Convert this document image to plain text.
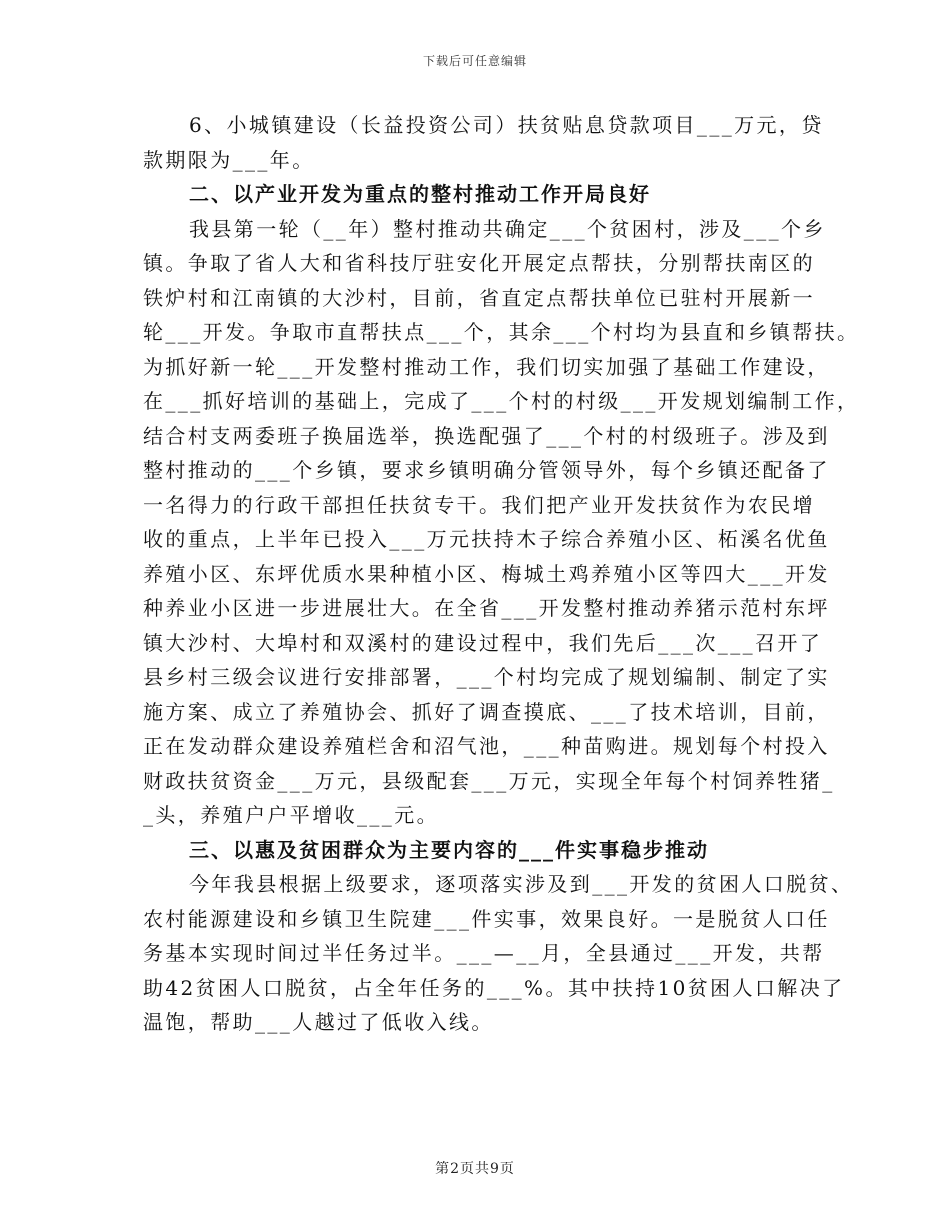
下载后可任意编辑
6、小城镇建设（长益投资公司）扶贫贴息贷款项目___万元，贷
款期限为___年。
二、以产业开发为重点的整村推动工作开局良好
我县第一轮（__年）整村推动共确定___个贫困村，涉及___个乡
镇。争取了省人大和省科技厅驻安化开展定点帮扶，分别帮扶南区的
铁炉村和江南镇的大沙村，目前，省直定点帮扶单位已驻村开展新一
轮___开发。争取市直帮扶点___个，其余___个村均为县直和乡镇帮扶。
为抓好新一轮___开发整村推动工作，我们切实加强了基础工作建设，
在___抓好培训的基础上，完成了___个村的村级___开发规划编制工作，
结合村支两委班子换届选举，换选配强了___个村的村级班子。涉及到
整村推动的___个乡镇，要求乡镇明确分管领导外，每个乡镇还配备了
一名得力的行政干部担任扶贫专干。我们把产业开发扶贫作为农民增
收的重点，上半年已投入___万元扶持木子综合养殖小区、柘溪名优鱼
养殖小区、东坪优质水果种植小区、梅城土鸡养殖小区等四大___开发
种养业小区进一步进展壮大。在全省___开发整村推动养猪示范村东坪
镇大沙村、大埠村和双溪村的建设过程中，我们先后___次___召开了
县乡村三级会议进行安排部署，___个村均完成了规划编制、制定了实
施方案、成立了养殖协会、抓好了调查摸底、___了技术培训，目前，
正在发动群众建设养殖栏舍和沼气池，___种苗购进。规划每个村投入
财政扶贫资金___万元，县级配套___万元，实现全年每个村饲养牲猪_
_头，养殖户户平增收___元。
三、以惠及贫困群众为主要内容的___件实事稳步推动
今年我县根据上级要求，逐项落实涉及到___开发的贫困人口脱贫、
农村能源建设和乡镇卫生院建___件实事，效果良好。一是脱贫人口任
务基本实现时间过半任务过半。___—__月，全县通过___开发，共帮
助42贫困人口脱贫，占全年任务的___%。其中扶持10贫困人口解决了
温饱，帮助___人越过了低收入线。
第2页共9页
